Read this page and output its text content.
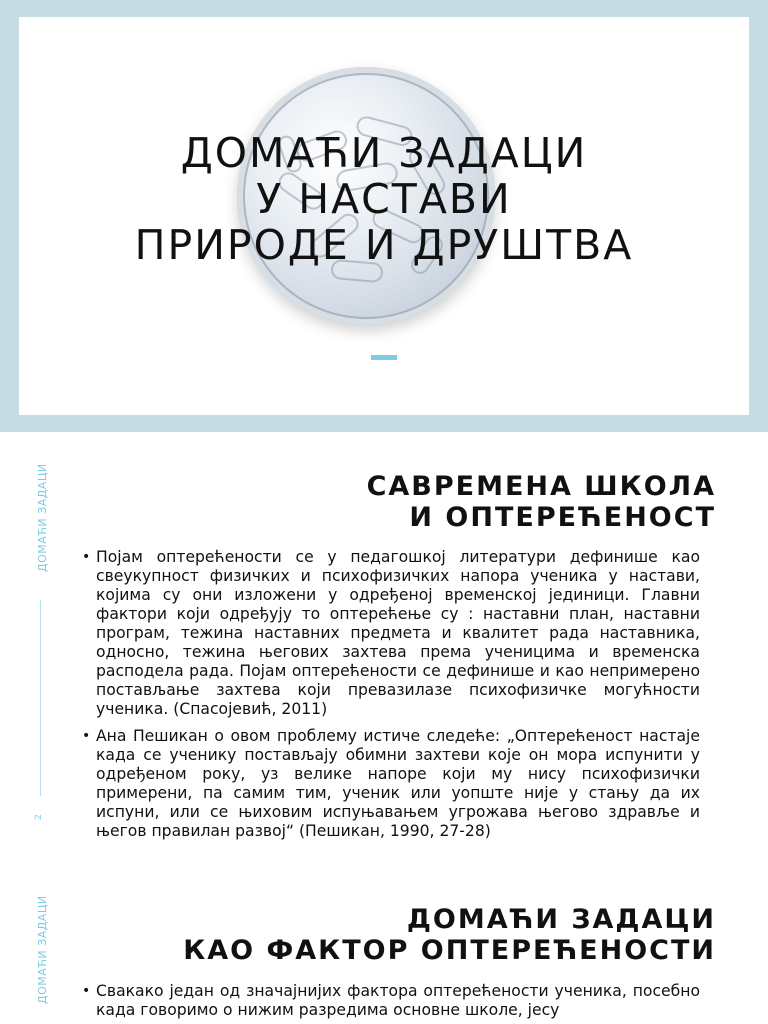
ДОМАЋИ ЗАДАЦИ
У НАСТАВИ
ПРИРОДЕ И ДРУШТВА
ДОМАЋИ ЗАДАЦИ
2
САВРЕМЕНА ШКОЛА
И ОПТЕРЕЋЕНОСТ

• Појам оптерећености се у педагошкој литератури дефинише као свеукупност физичких и психофизичких напора ученика у настави, којима су они изложени у одређеној временској јединици. Главни фактори који одређују то оптерећење су : наставни план, наставни програм, тежина наставних предмета и квалитет рада наставника, односно, тежина његових захтева према ученицима и временска расподела рада. Појам оптерећености се дефинише и као непримерено постављање захтева који превазилазе психофизичке могућности ученика. (Спасојевић, 2011)

• Ана Пешикан о овом проблему истиче следеће: „Оптерећеност настаје када се ученику постављају обимни захтеви које он мора испунити у одређеном року, уз велике напоре који му нису психофизички примерени, па самим тим, ученик или уопште није у стању да их испуни, или се њиховим испуњавањем угрожава његово здравље и његов правилан развој“ (Пешикан, 1990, 27-28)

ДОМАЋИ ЗАДАЦИ	ДОМАЋИ ЗАДАЦИ
КАО ФАКТОР ОПТЕРЕЋЕНОСТИ

• Свакако један од значајнијих фактора оптерећености ученика, посебно када говоримо о нижим разредима основне школе, јесу
